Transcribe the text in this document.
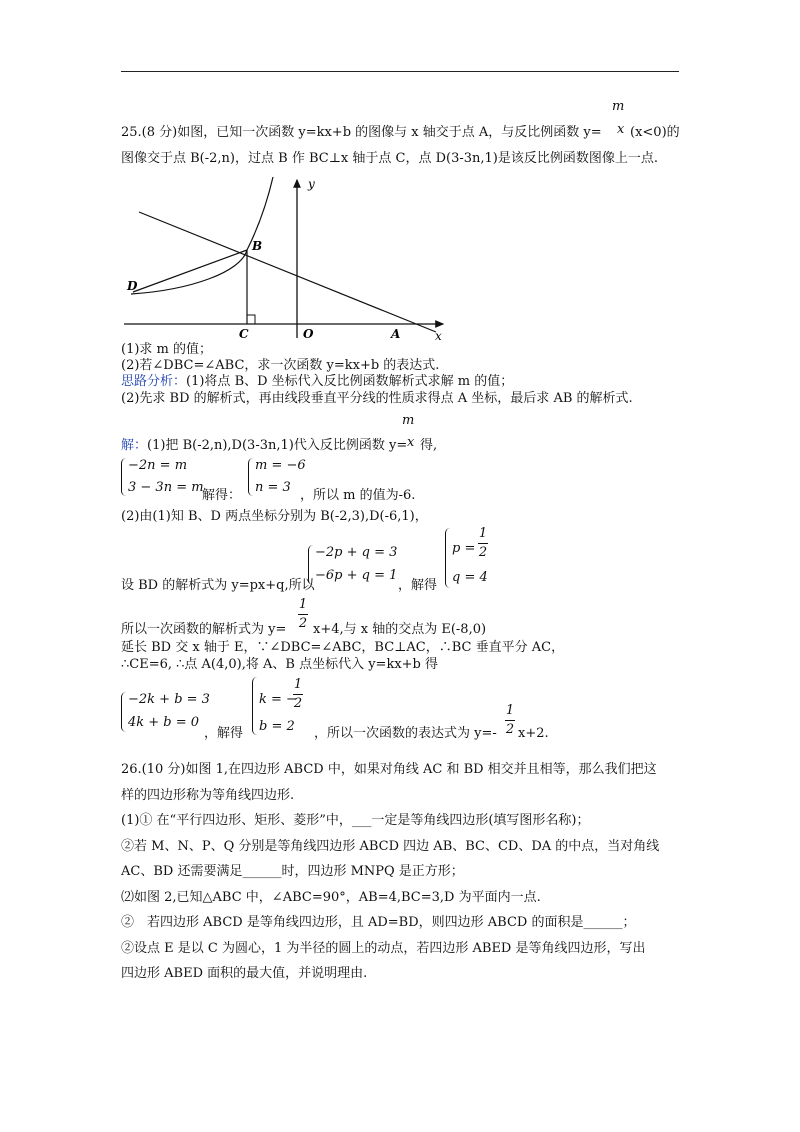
m
25.(8 分)如图，已知一次函数 y=kx+b 的图像与 x 轴交于点 A，与反比例函数 y= x (x<0)的
图像交于点 B(-2,n)，过点 B 作 BC⊥x 轴于点 C，点 D(3-3n,1)是该反比例函数图像上一点.
y
B
D
C	O	A	x
(1)求 m 的值；
(2)若∠DBC=∠ABC，求一次函数 y=kx+b 的表达式.
思路分析：(1)将点 B、D 坐标代入反比例函数解析式求解 m 的值；
(2)先求 BD 的解析式，再由线段垂直平分线的性质求得点 A 坐标，最后求 AB 的解析式.
m
解：(1)把 B(-2,n),D(3-3n,1)代入反比例函数 y= x 得,
−2n = m
3 − 3n = m
解得：
m = −6
n = 3
，所以 m 的值为-6.
(2)由(1)知 B、D 两点坐标分别为 B(-2,3),D(-6,1)，
设 BD 的解析式为 y=px+q,所以
−2p + q = 3
−6p + q = 1
，解得
p =
1
2
q = 4
1
2
所以一次函数的解析式为 y= x+4,与 x 轴的交点为 E(-8,0)
延长 BD 交 x 轴于 E，∵∠DBC=∠ABC，BC⊥AC，∴BC 垂直平分 AC，
∴CE=6, ∴点 A(4,0),将 A、B 点坐标代入 y=kx+b 得
−2k + b = 3
4k + b = 0
，解得
k = −
1
2
b = 2 ，所以一次函数的表达式为 y=-
1
2 x+2.
26.(10 分)如图 1,在四边形 ABCD 中，如果对角线 AC 和 BD 相交并且相等，那么我们把这
样的四边形称为等角线四边形.
(1)① 在“平行四边形、矩形、菱形”中，___一定是等角线四边形(填写图形名称)；
②若 M、N、P、Q 分别是等角线四边形 ABCD 四边 AB、BC、CD、DA 的中点，当对角线
AC、BD 还需要满足______时，四边形 MNPQ 是正方形；
⑵如图 2,已知△ABC 中，∠ABC=90°，AB=4,BC=3,D 为平面内一点.
②　若四边形 ABCD 是等角线四边形，且 AD=BD，则四边形 ABCD 的面积是______；
②设点 E 是以 C 为圆心，1 为半径的圆上的动点，若四边形 ABED 是等角线四边形，写出
四边形 ABED 面积的最大值，并说明理由.
